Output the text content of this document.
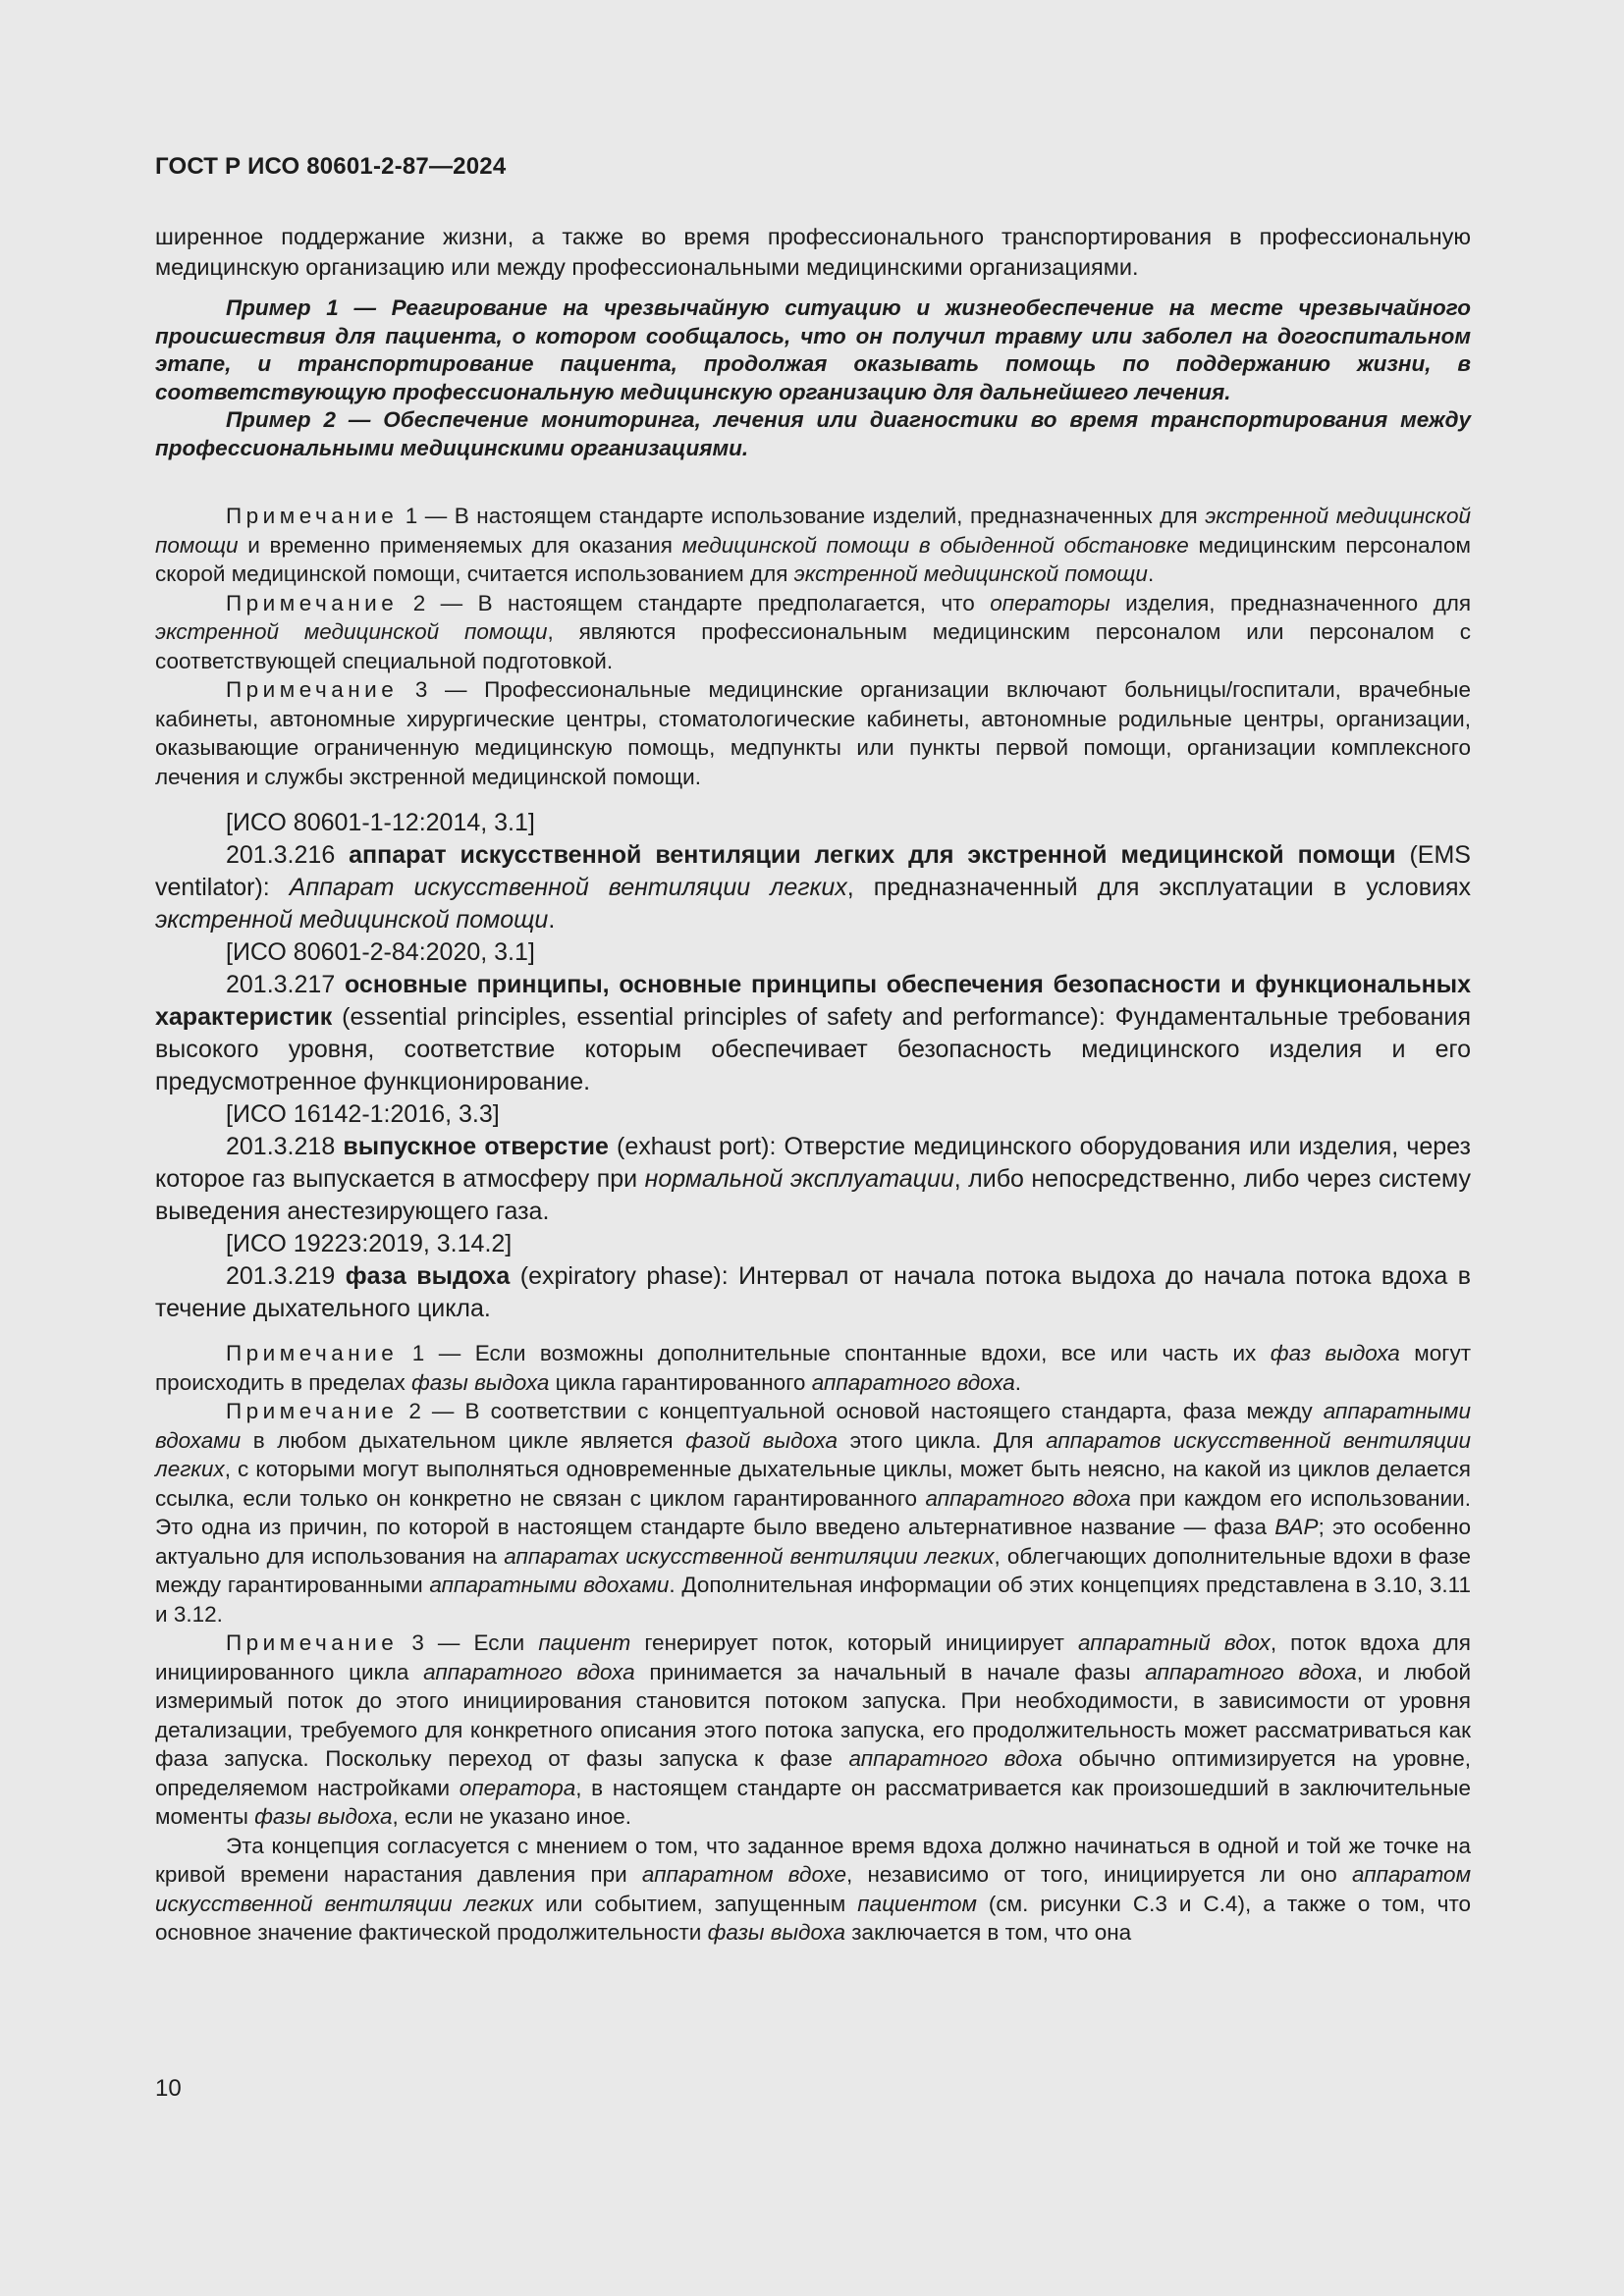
ГОСТ Р ИСО 80601-2-87—2024

ширенное поддержание жизни, а также во время профессионального транспортирования в профессиональную медицинскую организацию или между профессиональными медицинскими организациями.

Пример 1 — Реагирование на чрезвычайную ситуацию и жизнеобеспечение на месте чрезвычайного происшествия для пациента, о котором сообщалось, что он получил травму или заболел на догоспитальном этапе, и транспортирование пациента, продолжая оказывать помощь по поддержанию жизни, в соответствующую профессиональную медицинскую организацию для дальнейшего лечения.

Пример 2 — Обеспечение мониторинга, лечения или диагностики во время транспортирования между профессиональными медицинскими организациями.

Примечание 1 — В настоящем стандарте использование изделий, предназначенных для экстренной медицинской помощи и временно применяемых для оказания медицинской помощи в обыденной обстановке медицинским персоналом скорой медицинской помощи, считается использованием для экстренной медицинской помощи.

Примечание 2 — В настоящем стандарте предполагается, что операторы изделия, предназначенного для экстренной медицинской помощи, являются профессиональным медицинским персоналом или персоналом с соответствующей специальной подготовкой.

Примечание 3 — Профессиональные медицинские организации включают больницы/госпитали, врачебные кабинеты, автономные хирургические центры, стоматологические кабинеты, автономные родильные центры, организации, оказывающие ограниченную медицинскую помощь, медпункты или пункты первой помощи, организации комплексного лечения и службы экстренной медицинской помощи.

[ИСО 80601-1-12:2014, 3.1]

201.3.216 аппарат искусственной вентиляции легких для экстренной медицинской помощи (EMS ventilator): Аппарат искусственной вентиляции легких, предназначенный для эксплуатации в условиях экстренной медицинской помощи.

[ИСО 80601-2-84:2020, 3.1]

201.3.217 основные принципы, основные принципы обеспечения безопасности и функциональных характеристик (essential principles, essential principles of safety and performance): Фундаментальные требования высокого уровня, соответствие которым обеспечивает безопасность медицинского изделия и его предусмотренное функционирование.

[ИСО 16142-1:2016, 3.3]

201.3.218 выпускное отверстие (exhaust port): Отверстие медицинского оборудования или изделия, через которое газ выпускается в атмосферу при нормальной эксплуатации, либо непосредственно, либо через систему выведения анестезирующего газа.

[ИСО 19223:2019, 3.14.2]

201.3.219 фаза выдоха (expiratory phase): Интервал от начала потока выдоха до начала потока вдоха в течение дыхательного цикла.

Примечание 1 — Если возможны дополнительные спонтанные вдохи, все или часть их фаз выдоха могут происходить в пределах фазы выдоха цикла гарантированного аппаратного вдоха.

Примечание 2 — В соответствии с концептуальной основой настоящего стандарта, фаза между аппаратными вдохами в любом дыхательном цикле является фазой выдоха этого цикла. Для аппаратов искусственной вентиляции легких, с которыми могут выполняться одновременные дыхательные циклы, может быть неясно, на какой из циклов делается ссылка, если только он конкретно не связан с циклом гарантированного аппаратного вдоха при каждом его использовании. Это одна из причин, по которой в настоящем стандарте было введено альтернативное название — фаза ВАР; это особенно актуально для использования на аппаратах искусственной вентиляции легких, облегчающих дополнительные вдохи в фазе между гарантированными аппаратными вдохами. Дополнительная информации об этих концепциях представлена в 3.10, 3.11 и 3.12.

Примечание 3 — Если пациент генерирует поток, который инициирует аппаратный вдох, поток вдоха для инициированного цикла аппаратного вдоха принимается за начальный в начале фазы аппаратного вдоха, и любой измеримый поток до этого инициирования становится потоком запуска. При необходимости, в зависимости от уровня детализации, требуемого для конкретного описания этого потока запуска, его продолжительность может рассматриваться как фаза запуска. Поскольку переход от фазы запуска к фазе аппаратного вдоха обычно оптимизируется на уровне, определяемом настройками оператора, в настоящем стандарте он рассматривается как произошедший в заключительные моменты фазы выдоха, если не указано иное.

Эта концепция согласуется с мнением о том, что заданное время вдоха должно начинаться в одной и той же точке на кривой времени нарастания давления при аппаратном вдохе, независимо от того, инициируется ли оно аппаратом искусственной вентиляции легких или событием, запущенным пациентом (см. рисунки С.3 и С.4), а также о том, что основное значение фактической продолжительности фазы выдоха заключается в том, что она

10
